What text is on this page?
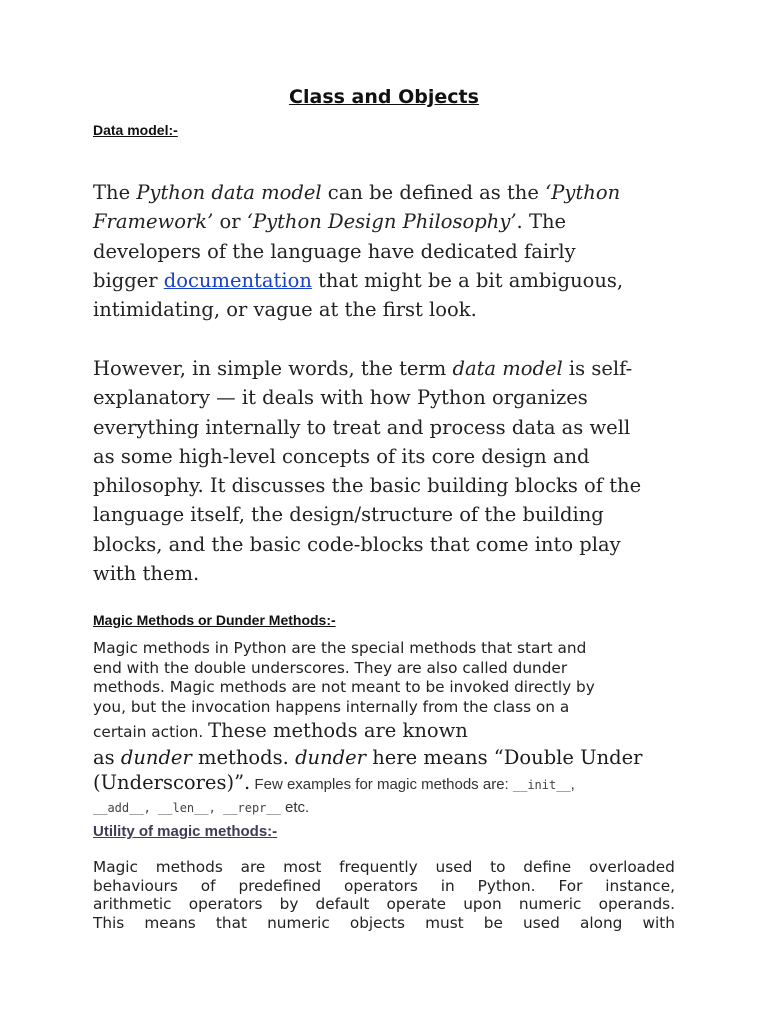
Class and Objects
Data model:-
The Python data model can be defined as the ‘Python
Framework’ or ‘Python Design Philosophy’. The
developers of the language have dedicated fairly
bigger documentation that might be a bit ambiguous,
intimidating, or vague at the first look.
However, in simple words, the term data model is self-
explanatory — it deals with how Python organizes
everything internally to treat and process data as well
as some high-level concepts of its core design and
philosophy. It discusses the basic building blocks of the
language itself, the design/structure of the building
blocks, and the basic code-blocks that come into play
with them.
Magic Methods or Dunder Methods:-
Magic methods in Python are the special methods that start and
end with the double underscores. They are also called dunder
methods. Magic methods are not meant to be invoked directly by
you, but the invocation happens internally from the class on a
certain action. These methods are known
as dunder methods. dunder here means “Double Under
(Underscores)”. Few examples for magic methods are: __init__,
__add__, __len__, __repr__ etc.
Utility of magic methods:-
Magic methods are most frequently used to define overloaded
behaviours of predefined operators in Python. For instance,
arithmetic operators by default operate upon numeric operands.
This means that numeric objects must be used along with
